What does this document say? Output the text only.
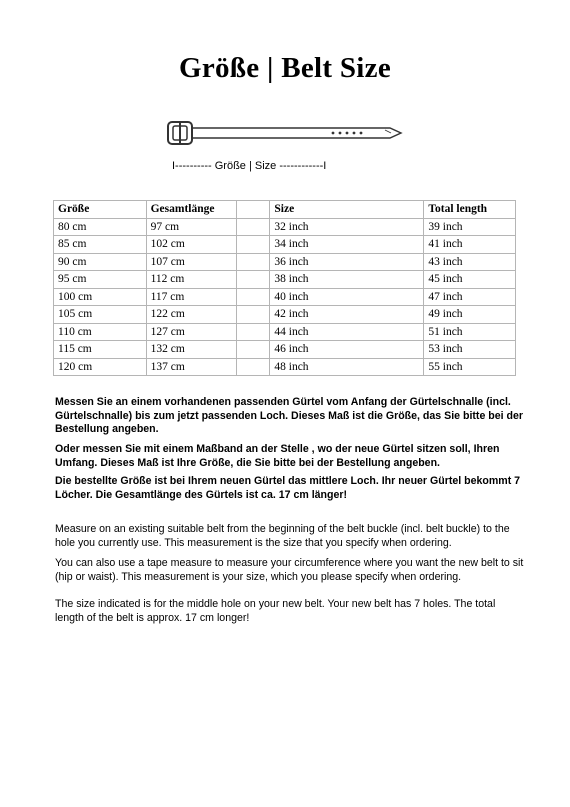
Größe | Belt Size
I---------- Größe | Size ------------I
Größe	Gesamtlänge		Size	Total length
80 cm	97 cm		32 inch	39 inch
85 cm	102 cm		34 inch	41 inch
90 cm	107 cm		36 inch	43 inch
95 cm	112 cm		38 inch	45 inch
100 cm	117 cm		40 inch	47 inch
105 cm	122 cm		42 inch	49 inch
110 cm	127 cm		44 inch	51 inch
115 cm	132 cm		46 inch	53 inch
120 cm	137 cm		48 inch	55 inch
Messen Sie an einem vorhandenen passenden Gürtel vom Anfang der Gürtelschnalle (incl. Gürtelschnalle) bis zum jetzt passenden Loch. Dieses Maß ist die Größe, das Sie bitte bei der Bestellung angeben.
Oder messen Sie mit einem Maßband an der Stelle , wo der neue Gürtel sitzen soll, Ihren Umfang. Dieses Maß ist Ihre Größe, die Sie bitte bei der Bestellung angeben.
Die bestellte Größe ist bei Ihrem neuen Gürtel das mittlere Loch. Ihr neuer Gürtel bekommt 7 Löcher. Die Gesamtlänge des Gürtels ist ca. 17 cm länger!
Measure on an existing suitable belt from the beginning of the belt buckle (incl. belt buckle) to the hole you currently use. This measurement is the size that you specify when ordering.
You can also use a tape measure to measure your circumference where you want the new belt to sit (hip or waist). This measurement is your size, which you please specify when ordering.
The size indicated is for the middle hole on your new belt. Your new belt has 7 holes. The total length of the belt is approx. 17 cm longer!
